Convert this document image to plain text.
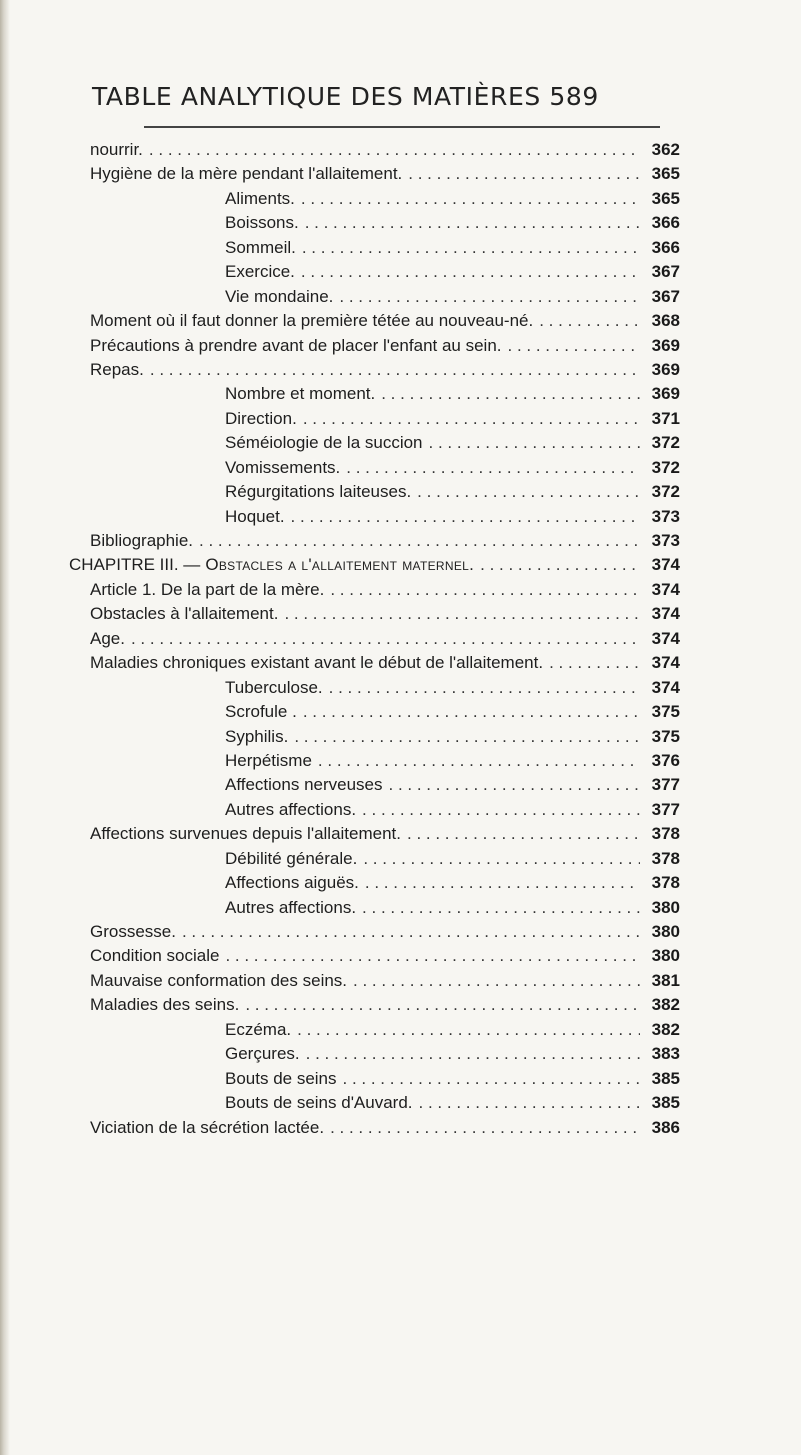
TABLE ANALYTIQUE DES MATIÈRES 589
nourrir. . . .	362
Hygiène de la mère pendant l'allaitement. . . .	365
Aliments. . . .	365
Boissons. . . .	366
Sommeil. . . .	366
Exercice. . . .	367
Vie mondaine. . . .	367
Moment où il faut donner la première tétée au nouveau-né. . . .	368
Précautions à prendre avant de placer l'enfant au sein. . . .	369
Repas. . . .	369
Nombre et moment. . . .	369
Direction. . . .	371
Séméiologie de la succion . . .	372
Vomissements. . . .	372
Régurgitations laiteuses. . . .	372
Hoquet. . . .	373
Bibliographie. . . .	373
CHAPITRE III. — Obstacles a l'allaitement maternel. . . .	374
Article 1. De la part de la mère. . . .	374
Obstacles à l'allaitement. . . .	374
Age. . . .	374
Maladies chroniques existant avant le début de l'allaitement. . . .	374
Tuberculose. . . .	374
Scrofule . . . .	375
Syphilis. . . .	375
Herpétisme . . .	376
Affections nerveuses . . .	377
Autres affections. . . .	377
Affections survenues depuis l'allaitement. . . .	378
Débilité générale. . . .	378
Affections aiguës. . . .	378
Autres affections. . . .	380
Grossesse. . . .	380
Condition sociale . . .	380
Mauvaise conformation des seins. . . .	381
Maladies des seins. . . .	382
Eczéma. . . .	382
Gerçures. . . .	383
Bouts de seins . . .	385
Bouts de seins d'Auvard. . . .	385
Viciation de la sécrétion lactée. . . .	386
